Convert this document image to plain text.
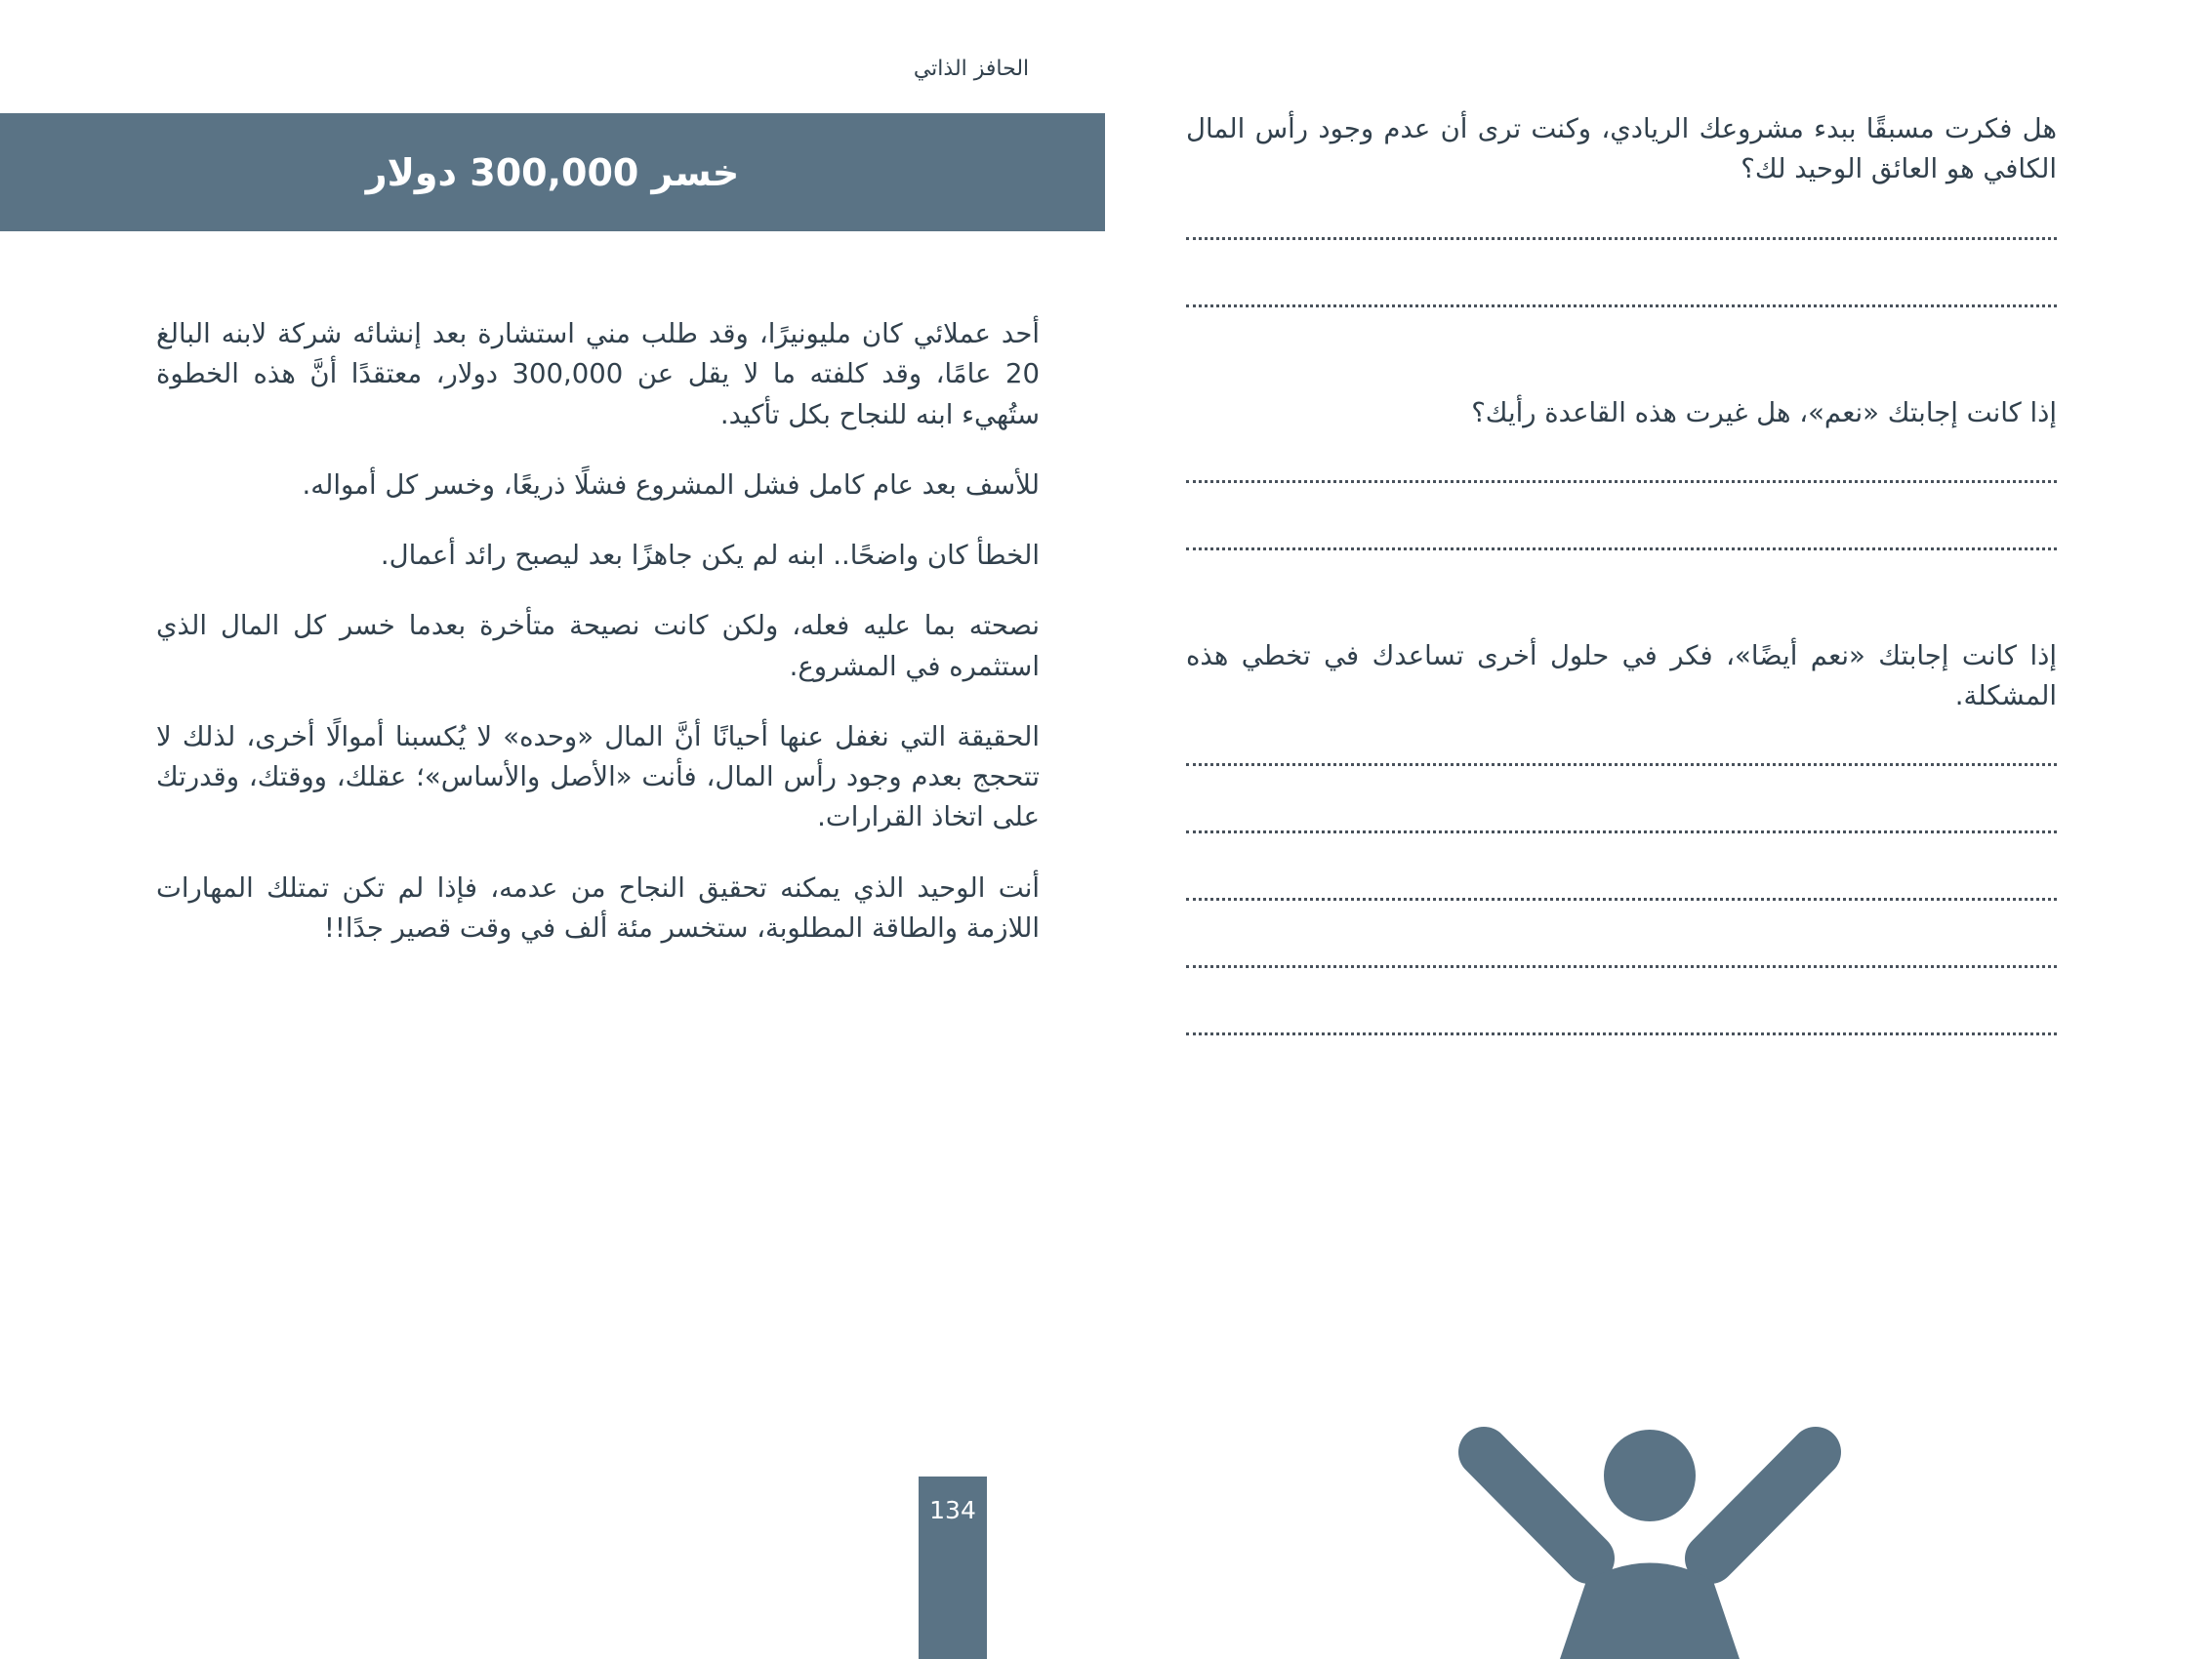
الحافز الذاتي
خسر 300,000 دولار

أحد عملائي كان مليونيرًا، وقد طلب مني استشارة بعد إنشائه شركة لابنه البالغ 20 عامًا، وقد كلفته ما لا يقل عن 300,000 دولار، معتقدًا أنَّ هذه الخطوة ستُهيء ابنه للنجاح بكل تأكيد.

للأسف بعد عام كامل فشل المشروع فشلًا ذريعًا، وخسر كل أمواله.

الخطأ كان واضحًا.. ابنه لم يكن جاهزًا بعد ليصبح رائد أعمال.

نصحته بما عليه فعله، ولكن كانت نصيحة متأخرة بعدما خسر كل المال الذي استثمره في المشروع.

الحقيقة التي نغفل عنها أحيانًا أنَّ المال «وحده» لا يُكسبنا أموالًا أخرى، لذلك لا تتحجج بعدم وجود رأس المال، فأنت «الأصل والأساس»؛ عقلك، ووقتك، وقدرتك على اتخاذ القرارات.

أنت الوحيد الذي يمكنه تحقيق النجاح من عدمه، فإذا لم تكن تمتلك المهارات اللازمة والطاقة المطلوبة، ستخسر مئة ألف في وقت قصير جدًا!!

134

هل فكرت مسبقًا ببدء مشروعك الريادي، وكنت ترى أن عدم وجود رأس المال الكافي هو العائق الوحيد لك؟

إذا كانت إجابتك «نعم»، هل غيرت هذه القاعدة رأيك؟

إذا كانت إجابتك «نعم أيضًا»، فكر في حلول أخرى تساعدك في تخطي هذه المشكلة.
